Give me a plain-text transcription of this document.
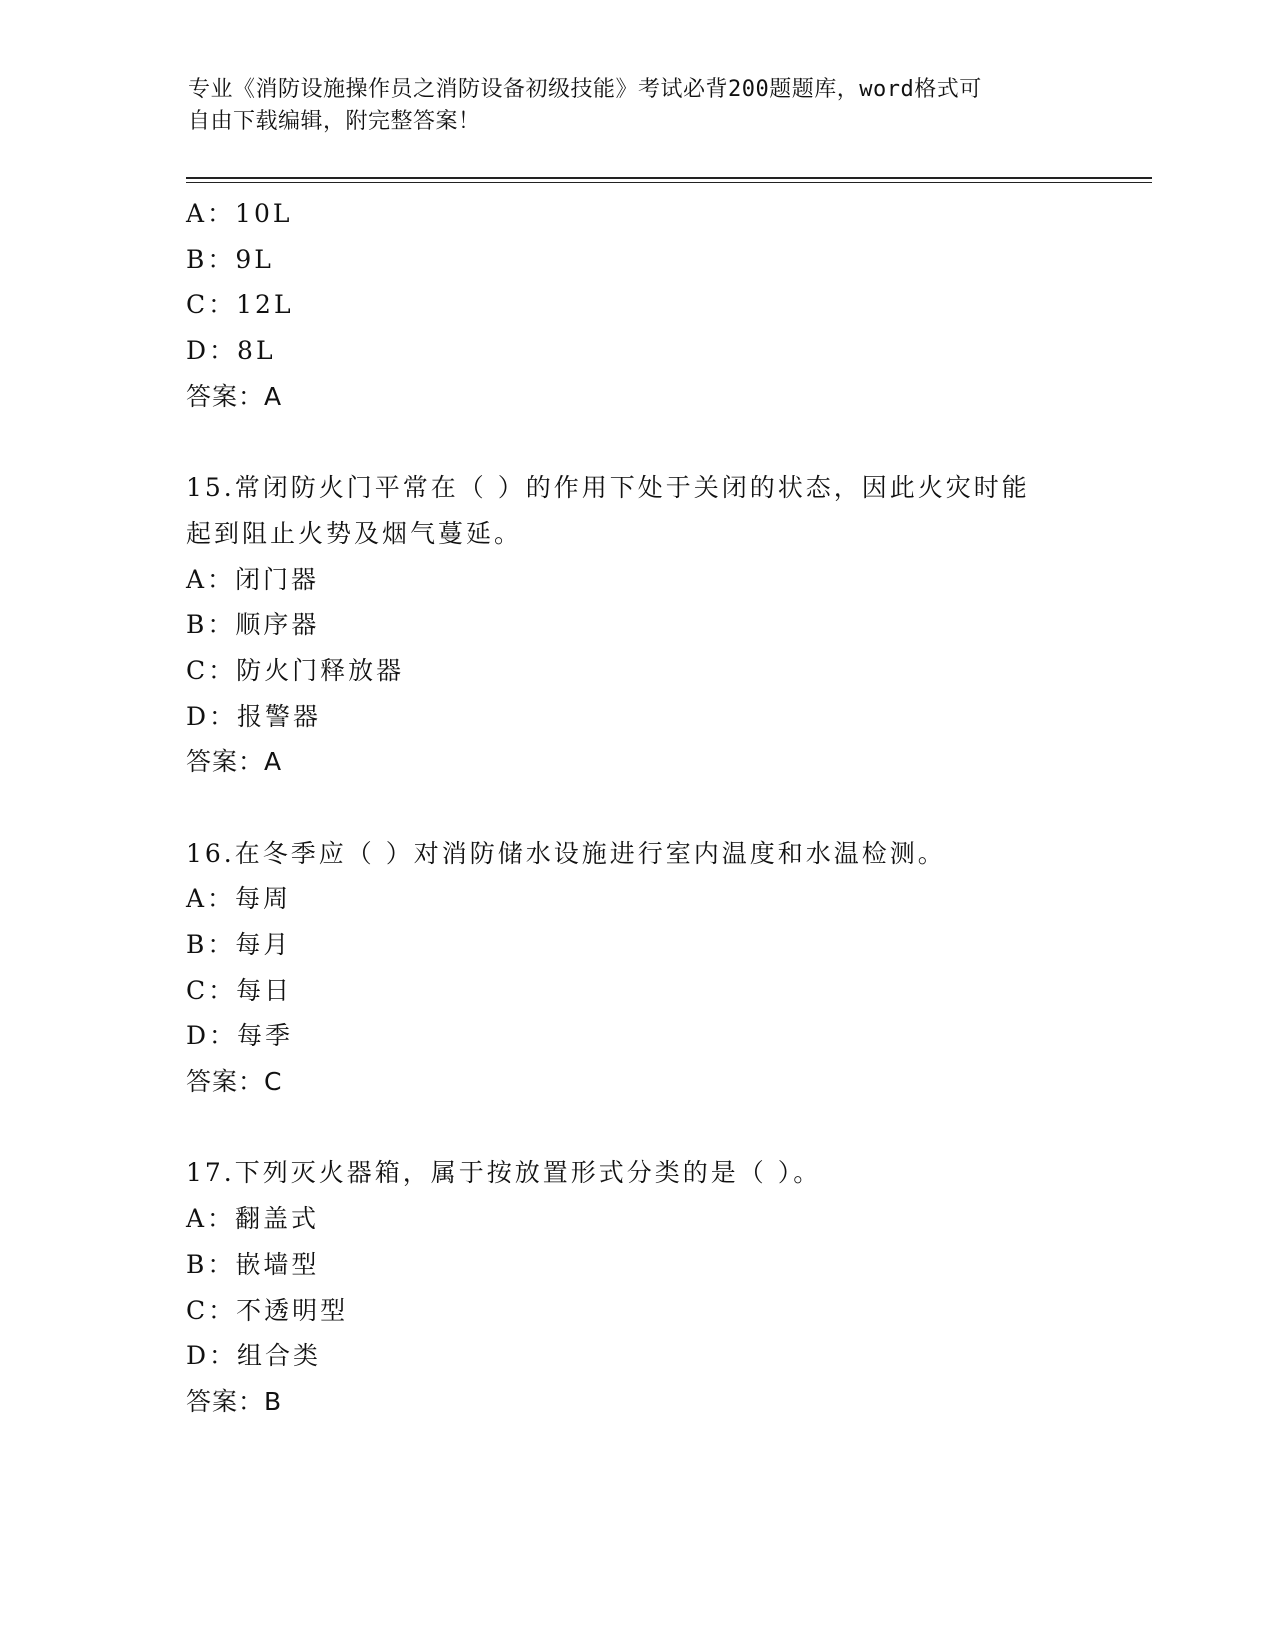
专业《消防设施操作员之消防设备初级技能》考试必背200题题库，word格式可
自由下载编辑，附完整答案！
A：10L
B：9L
C：12L
D：8L
答案：A
15.常闭防火门平常在（ ）的作用下处于关闭的状态，因此火灾时能
起到阻止火势及烟气蔓延。
A：闭门器
B：顺序器
C：防火门释放器
D：报警器
答案：A
16.在冬季应（ ）对消防储水设施进行室内温度和水温检测。
A：每周
B：每月
C：每日
D：每季
答案：C
17.下列灭火器箱，属于按放置形式分类的是（ ）。
A：翻盖式
B：嵌墙型
C：不透明型
D：组合类
答案：B
